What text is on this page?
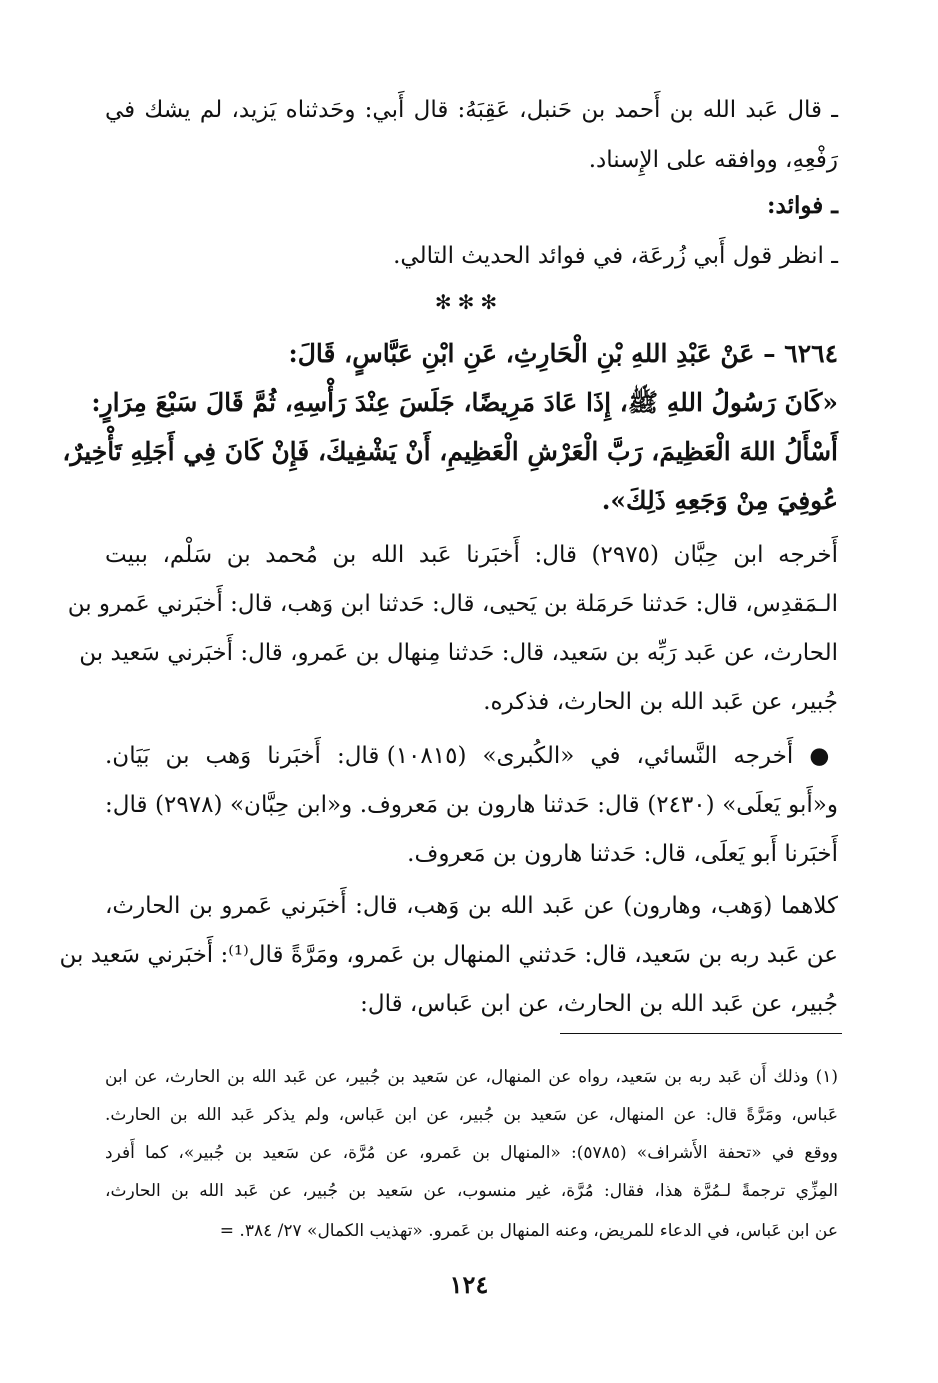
ـ قال عَبد الله بن أَحمد بن حَنبل، عَقِبَهُ: قال أَبي: وحَدثناه يَزيد، لم يشك في
رَفْعِهِ، ووافقه على الإِسناد.
ـ فوائد:
ـ انظر قول أَبي زُرعَة، في فوائد الحديث التالي.
✻✻✻
٦٢٦٤ – عَنْ عَبْدِ اللهِ بْنِ الْحَارِثِ، عَنِ ابْنِ عَبَّاسٍ، قَالَ:
«كَانَ رَسُولُ اللهِ ﷺ، إِذَا عَادَ مَرِيضًا، جَلَسَ عِنْدَ رَأْسِهِ، ثُمَّ قَالَ سَبْعَ مِرَارٍ:
أَسْأَلُ اللهَ الْعَظِيمَ، رَبَّ الْعَرْشِ الْعَظِيمِ، أَنْ يَشْفِيكَ، فَإِنْ كَانَ فِي أَجَلِهِ تَأْخِيرٌ،
عُوفِيَ مِنْ وَجَعِهِ ذَلِكَ».
أَخرجه ابن حِبَّان (٢٩٧٥) قال: أَخبَرنا عَبد الله بن مُحمد بن سَلْم، ببيت
الـمَقدِس، قال: حَدثنا حَرمَلة بن يَحيى، قال: حَدثنا ابن وَهب، قال: أَخبَرني عَمرو بن
الحارث، عن عَبد رَبِّه بن سَعيد، قال: حَدثنا مِنهال بن عَمرو، قال: أَخبَرني سَعيد بن
جُبير، عن عَبد الله بن الحارث، فذكره.
● أَخرجه النَّسائي، في «الكُبرى» (١٠٨١٥) قال: أَخبَرنا وَهب بن بَيَان.
و«أَبو يَعلَى» (٢٤٣٠) قال: حَدثنا هارون بن مَعروف. و«ابن حِبَّان» (٢٩٧٨) قال:
أَخبَرنا أَبو يَعلَى، قال: حَدثنا هارون بن مَعروف.
كلاهما (وَهب، وهارون) عن عَبد الله بن وَهب، قال: أَخبَرني عَمرو بن الحارث،
عن عَبد ربه بن سَعيد، قال: حَدثني المنهال بن عَمرو، ومَرَّةً قال⁽¹⁾: أَخبَرني سَعيد بن
جُبير، عن عَبد الله بن الحارث، عن ابن عَباس، قال:
(١) وذلك أَن عَبد ربه بن سَعيد، رواه عن المنهال، عن سَعيد بن جُبير، عن عَبد الله بن الحارث، عن ابن
عَباس، ومَرَّةً قال: عن المنهال، عن سَعيد بن جُبير، عن ابن عَباس، ولم يذكر عَبد الله بن الحارث.
ووقع في «تحفة الأَشراف» (٥٧٨٥): «المنهال بن عَمرو، عن مُرَّة، عن سَعيد بن جُبير»، كما أَفرد
المِزِّي ترجمةً لـمُرَّة هذا، فقال: مُرَّة، غير منسوب، عن سَعيد بن جُبير، عن عَبد الله بن الحارث،
عن ابن عَباس، في الدعاء للمريض، وعنه المنهال بن عَمرو. «تهذيب الكمال» ٢٧/ ٣٨٤. =
١٢٤
